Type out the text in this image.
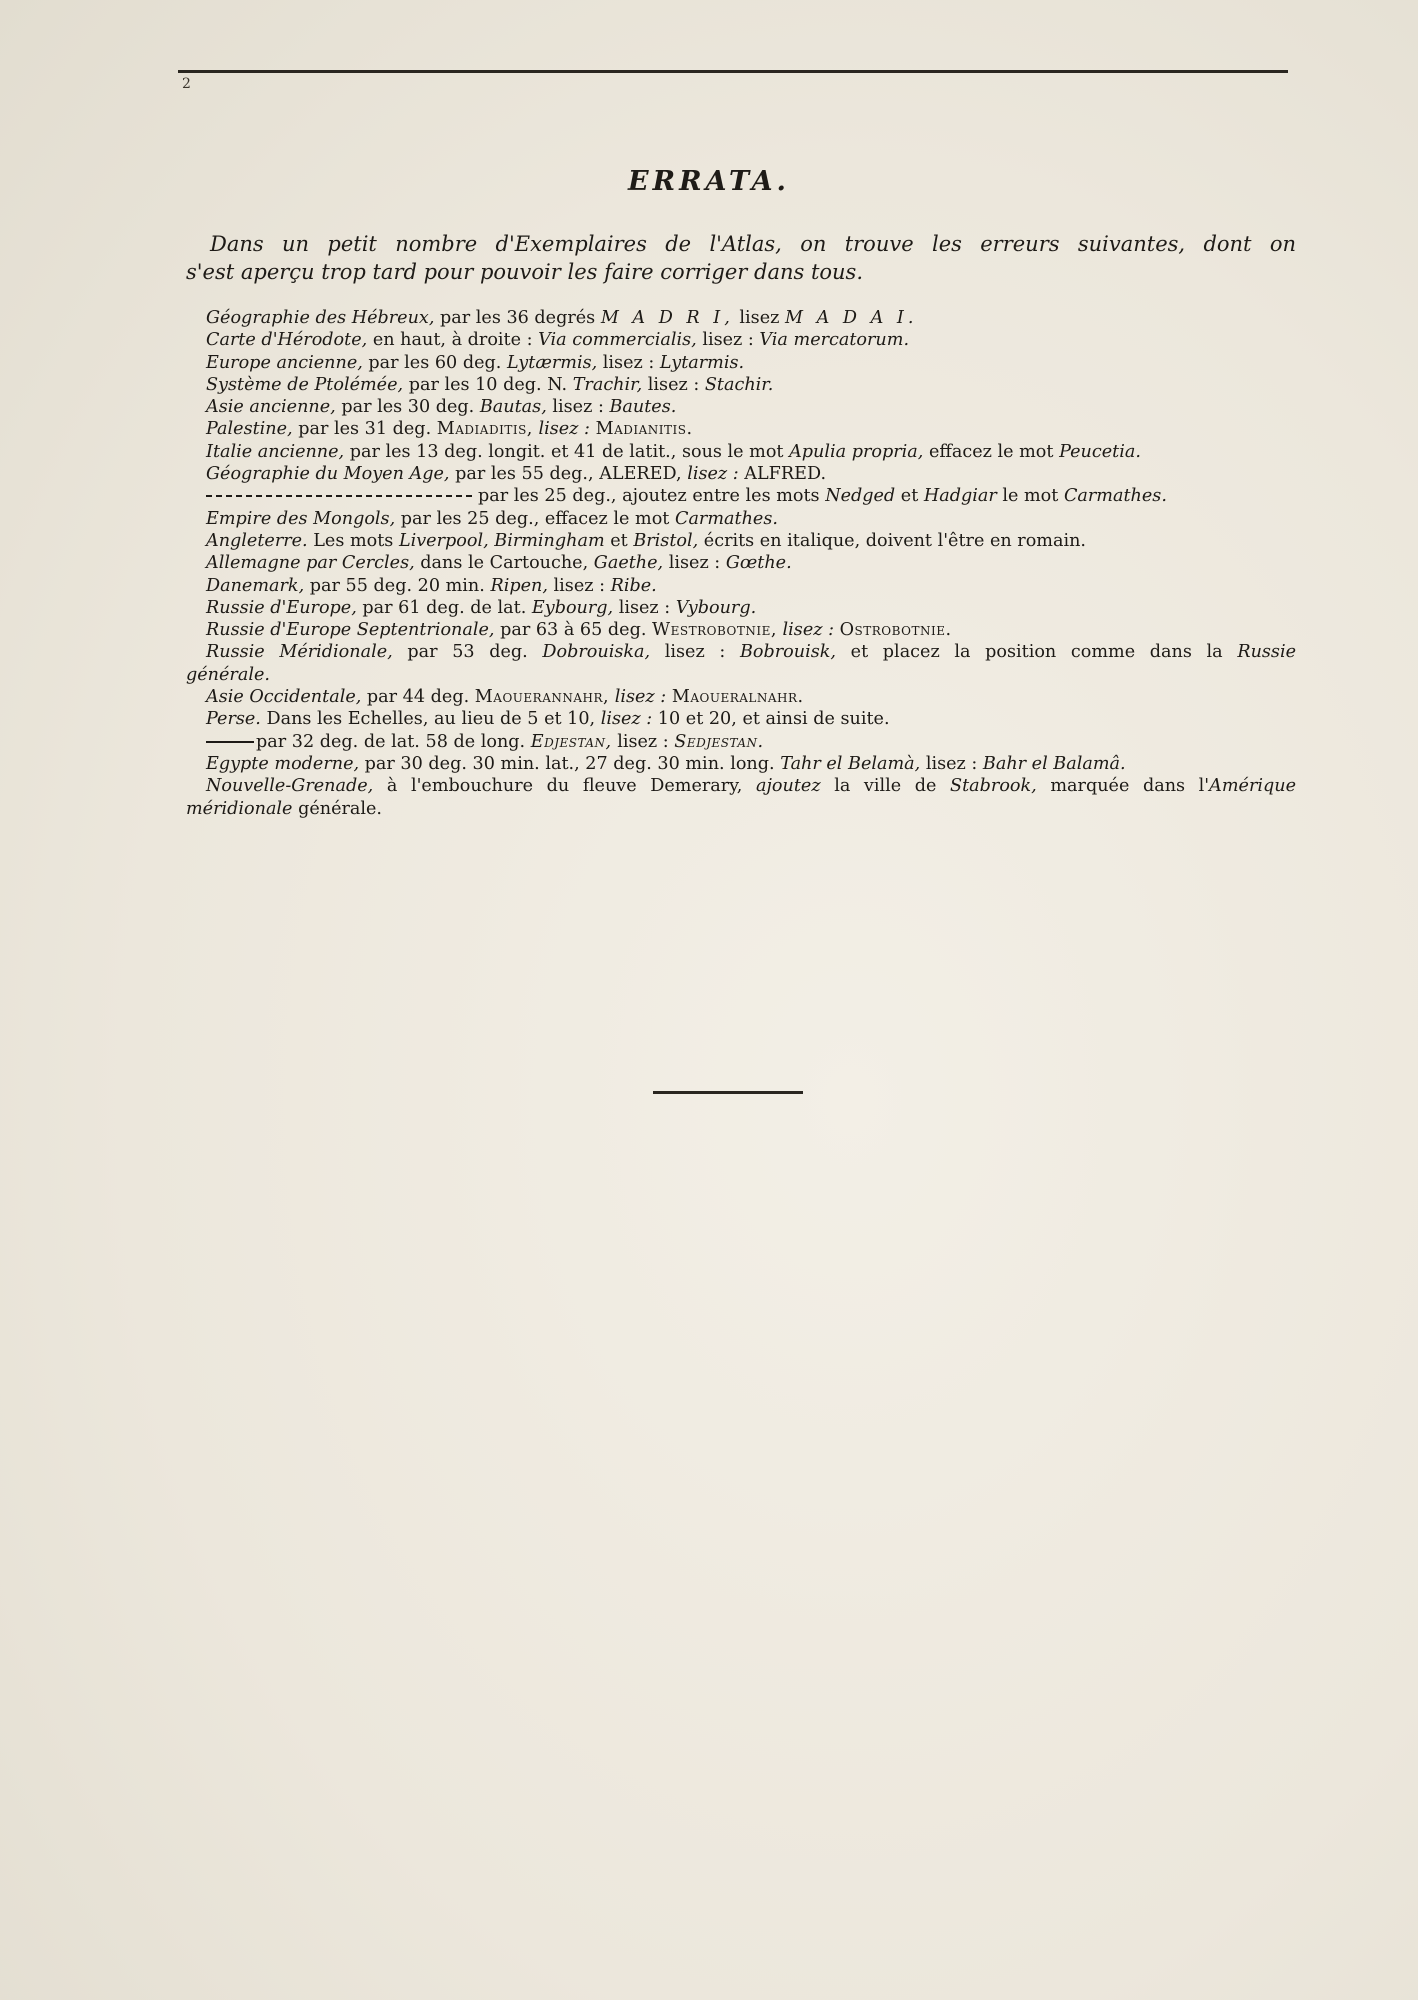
2
ERRATA.
Dans un petit nombre d'Exemplaires de l'Atlas, on trouve les erreurs suivantes, dont on
s'est aperçu trop tard pour pouvoir les faire corriger dans tous.
Géographie des Hébreux, par les 36 degrés M A D R I, lisez M A D A I.
Carte d'Hérodote, en haut, à droite : Via commercialis, lisez : Via mercatorum.
Europe ancienne, par les 60 deg. Lytærmis, lisez : Lytarmis.
Système de Ptolémée, par les 10 deg. N. Trachir, lisez : Stachir.
Asie ancienne, par les 30 deg. Bautas, lisez : Bautes.
Palestine, par les 31 deg. Madiaditis, lisez : Madianitis.
Italie ancienne, par les 13 deg. longit. et 41 de latit., sous le mot Apulia propria, effacez le mot Peucetia.
Géographie du Moyen Age, par les 55 deg., ALERED, lisez : ALFRED.
par les 25 deg., ajoutez entre les mots Nedged et Hadgiar le mot Carmathes.
Empire des Mongols, par les 25 deg., effacez le mot Carmathes.
Angleterre. Les mots Liverpool, Birmingham et Bristol, écrits en italique, doivent l'être en romain.
Allemagne par Cercles, dans le Cartouche, Gaethe, lisez : Gœthe.
Danemark, par 55 deg. 20 min. Ripen, lisez : Ribe.
Russie d'Europe, par 61 deg. de lat. Eybourg, lisez : Vybourg.
Russie d'Europe Septentrionale, par 63 à 65 deg. Westrobotnie, lisez : Ostrobotnie.
Russie Méridionale, par 53 deg. Dobrouiska, lisez : Bobrouisk, et placez la position comme dans la Russie
générale.
Asie Occidentale, par 44 deg. Maouerannahr, lisez : Maoueralnahr.
Perse. Dans les Echelles, au lieu de 5 et 10, lisez : 10 et 20, et ainsi de suite.
par 32 deg. de lat. 58 de long. Edjestan, lisez : Sedjestan.
Egypte moderne, par 30 deg. 30 min. lat., 27 deg. 30 min. long. Tahr el Belamà, lisez : Bahr el Balamâ.
Nouvelle-Grenade, à l'embouchure du fleuve Demerary, ajoutez la ville de Stabrook, marquée dans l'Amérique
méridionale générale.
